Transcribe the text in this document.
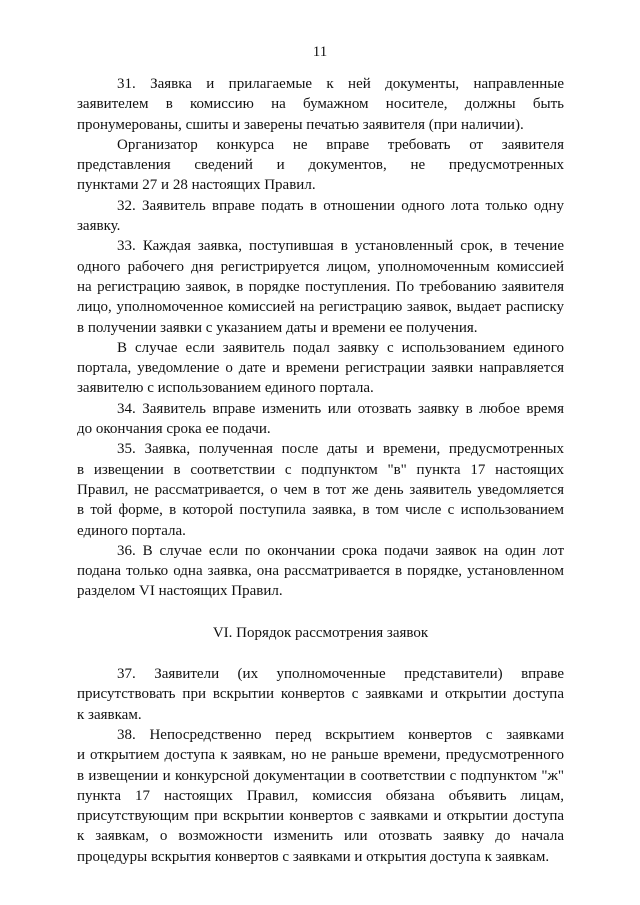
11
31. Заявка и прилагаемые к ней документы, направленные
заявителем в комиссию на бумажном носителе, должны быть
пронумерованы, сшиты и заверены печатью заявителя (при наличии).
Организатор конкурса не вправе требовать от заявителя
представления сведений и документов, не предусмотренных
пунктами 27 и 28 настоящих Правил.
32. Заявитель вправе подать в отношении одного лота только одну
заявку.
33. Каждая заявка, поступившая в установленный срок, в течение
одного рабочего дня регистрируется лицом, уполномоченным комиссией
на регистрацию заявок, в порядке поступления. По требованию заявителя
лицо, уполномоченное комиссией на регистрацию заявок, выдает расписку
в получении заявки с указанием даты и времени ее получения.
В случае если заявитель подал заявку с использованием единого
портала, уведомление о дате и времени регистрации заявки направляется
заявителю с использованием единого портала.
34. Заявитель вправе изменить или отозвать заявку в любое время
до окончания срока ее подачи.
35. Заявка, полученная после даты и времени, предусмотренных
в извещении в соответствии с подпунктом "в" пункта 17 настоящих
Правил, не рассматривается, о чем в тот же день заявитель уведомляется
в той форме, в которой поступила заявка, в том числе с использованием
единого портала.
36. В случае если по окончании срока подачи заявок на один лот
подана только одна заявка, она рассматривается в порядке, установленном
разделом VI настоящих Правил.
VI. Порядок рассмотрения заявок
37. Заявители (их уполномоченные представители) вправе
присутствовать при вскрытии конвертов с заявками и открытии доступа
к заявкам.
38. Непосредственно перед вскрытием конвертов с заявками
и открытием доступа к заявкам, но не раньше времени, предусмотренного
в извещении и конкурсной документации в соответствии с подпунктом "ж"
пункта 17 настоящих Правил, комиссия обязана объявить лицам,
присутствующим при вскрытии конвертов с заявками и открытии доступа
к заявкам, о возможности изменить или отозвать заявку до начала
процедуры вскрытия конвертов с заявками и открытия доступа к заявкам.
